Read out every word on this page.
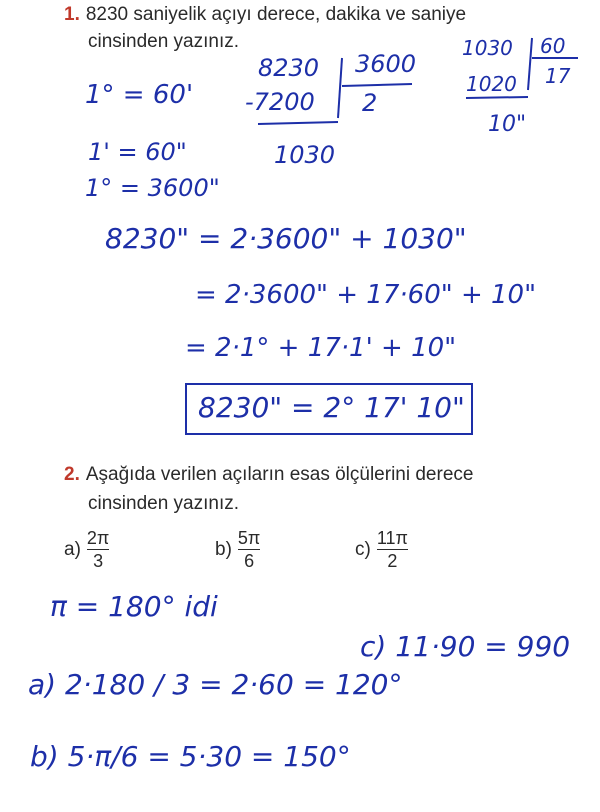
1. 8230 saniyelik açıyı derece, dakika ve saniye
cinsinden yazınız.
1° = 60'
1' = 60"
1° = 3600"
8230 3600
-7200 2
1030
1030 60
1020 17
10"
8230" = 2·3600" + 1030"
= 2·3600" + 17·60" + 10"
= 2·1° + 17·1' + 10"
8230" = 2° 17' 10"
2. Aşağıda verilen açıların esas ölçülerini derece
cinsinden yazınız.
$a) \frac{2\pi}{3}$	$b) \frac{5\pi}{6}$	$c) \frac{11\pi}{2}$
π = 180° idi
c) 11·90 = 990
a) 2·180 / 3 = 2·60 = 120°
b) 5·π/6 = 5·30 = 150°
